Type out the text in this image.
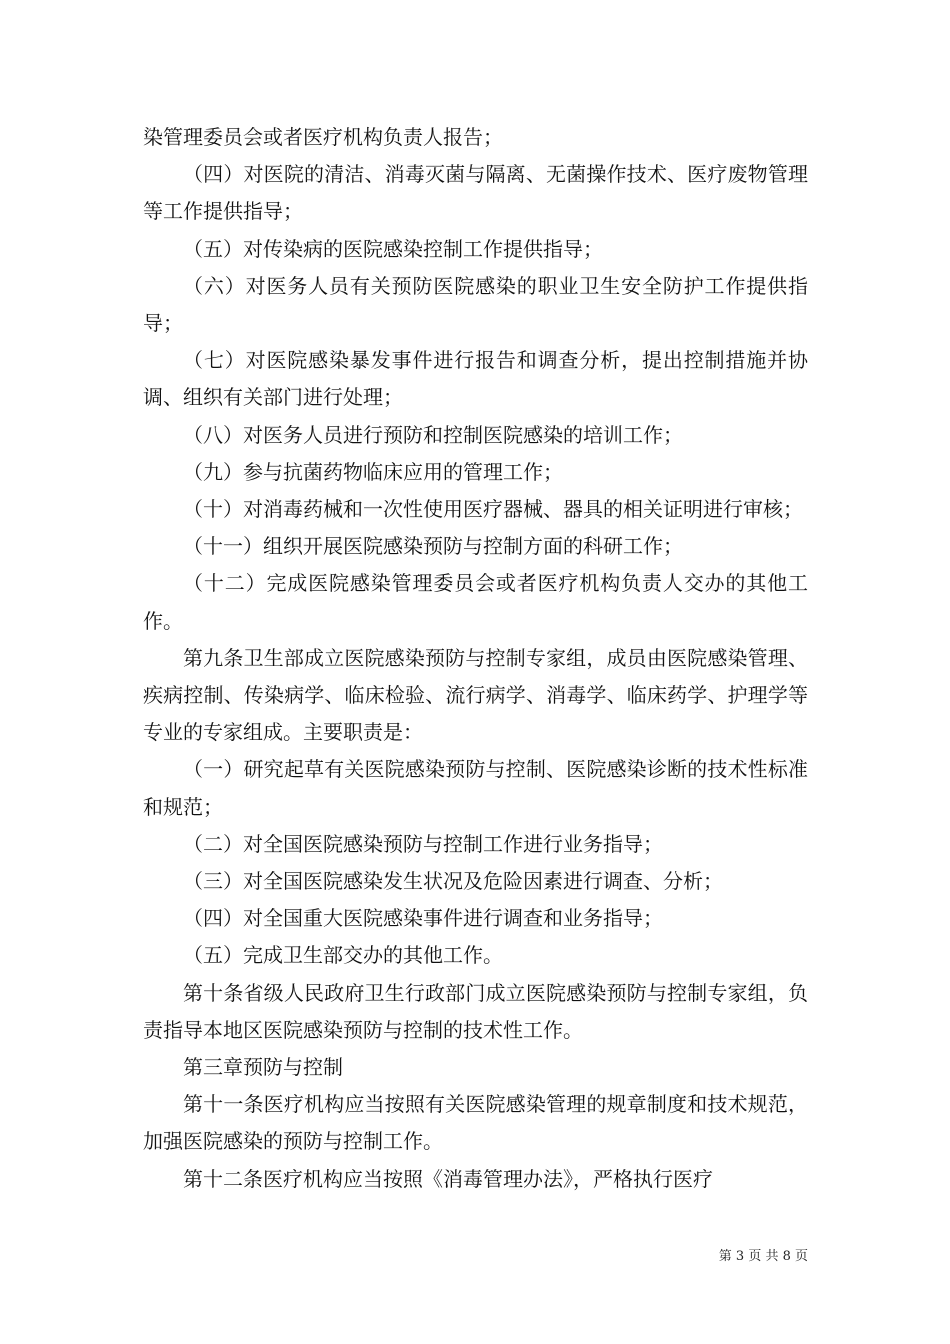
染管理委员会或者医疗机构负责人报告；

（四）对医院的清洁、消毒灭菌与隔离、无菌操作技术、医疗废物管理等工作提供指导；

（五）对传染病的医院感染控制工作提供指导；

（六）对医务人员有关预防医院感染的职业卫生安全防护工作提供指导；

（七）对医院感染暴发事件进行报告和调查分析，提出控制措施并协调、组织有关部门进行处理；

（八）对医务人员进行预防和控制医院感染的培训工作；

（九）参与抗菌药物临床应用的管理工作；

（十）对消毒药械和一次性使用医疗器械、器具的相关证明进行审核；

（十一）组织开展医院感染预防与控制方面的科研工作；

（十二）完成医院感染管理委员会或者医疗机构负责人交办的其他工作。

第九条卫生部成立医院感染预防与控制专家组，成员由医院感染管理、疾病控制、传染病学、临床检验、流行病学、消毒学、临床药学、护理学等专业的专家组成。主要职责是：

（一）研究起草有关医院感染预防与控制、医院感染诊断的技术性标准和规范；

（二）对全国医院感染预防与控制工作进行业务指导；

（三）对全国医院感染发生状况及危险因素进行调查、分析；

（四）对全国重大医院感染事件进行调查和业务指导；

（五）完成卫生部交办的其他工作。

第十条省级人民政府卫生行政部门成立医院感染预防与控制专家组，负责指导本地区医院感染预防与控制的技术性工作。

第三章预防与控制

第十一条医疗机构应当按照有关医院感染管理的规章制度和技术规范，加强医院感染的预防与控制工作。

第十二条医疗机构应当按照《消毒管理办法》，严格执行医疗

第 3 页 共 8 页
